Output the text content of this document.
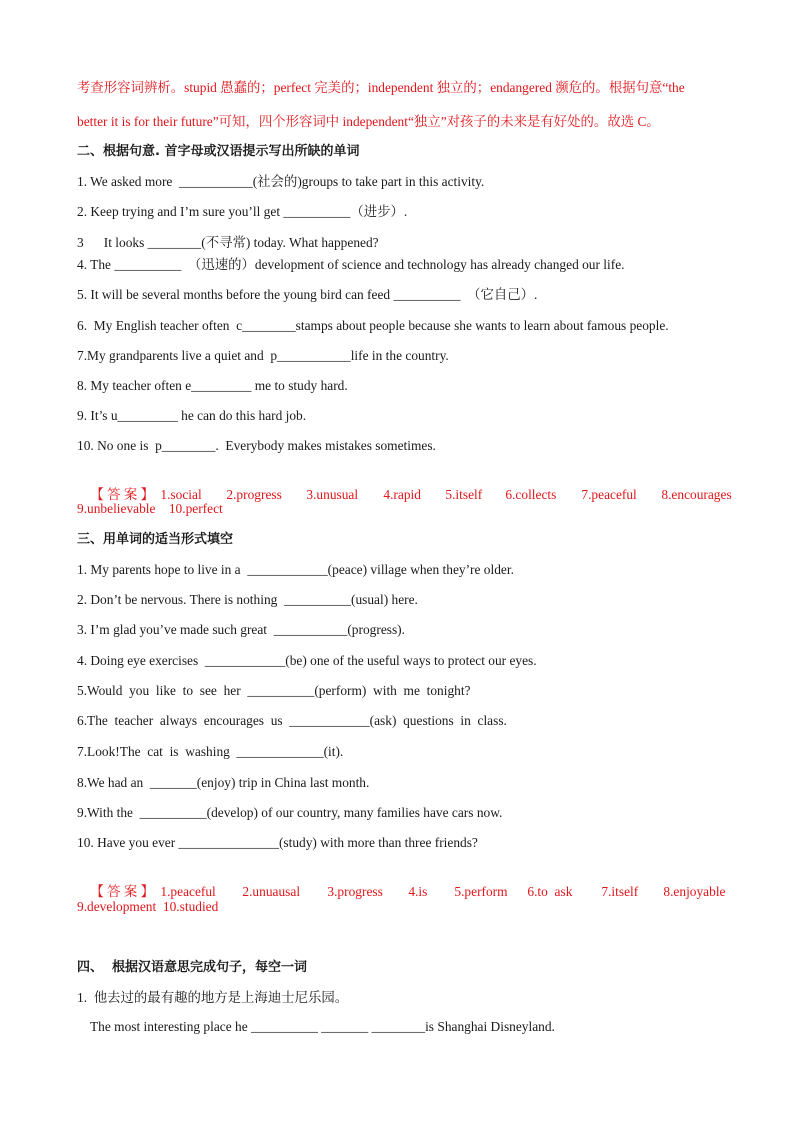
考查形容词辨析。stupid 愚蠢的；perfect 完美的；independent 独立的；endangered 濒危的。根据句意“the
better it is for their future”可知，四个形容词中 independent“独立”对孩子的未来是有好处的。故选 C。
二、根据句意. 首字母或汉语提示写出所缺的单词
1. We asked more  ___________(社会的)groups to take part in this activity.
2. Keep trying and I’m sure you’ll get __________（进步）.
3      It looks ________(不寻常) today. What happened?
4. The __________  （迅速的）development of science and technology has already changed our life.
5. It will be several months before the young bird can feed __________  （它自己）.
6.  My English teacher often  c________stamps about people because she wants to learn about famous people.
7.My grandparents live a quiet and  p___________life in the country.
8. My teacher often e_________ me to study hard.
9. It’s u_________ he can do this hard job.
10. No one is  p________.  Everybody makes mistakes sometimes.

【 答 案 】 1.social 2.progress 3.unusual 4.rapid 5.itself 6.collects 7.peaceful 8.encourages

9.unbelievable    10.perfect
三、用单词的适当形式填空
1. My parents hope to live in a  ____________(peace) village when they’re older.
2. Don’t be nervous. There is nothing  __________(usual) here.
3. I’m glad you’ve made such great  ___________(progress).
4. Doing eye exercises  ____________(be) one of the useful ways to protect our eyes.
5.Would  you  like  to  see  her  __________(perform)  with  me  tonight?
6.The  teacher  always  encourages  us  ____________(ask)  questions  in  class.
7.Look!The  cat  is  washing  _____________(it).
8.We had an  _______(enjoy) trip in China last month.
9.With the  __________(develop) of our country, many families have cars now.
10. Have you ever _______________(study) with more than three friends?

【 答 案 】 1.peaceful 2.unuausal 3.progress 4.is 5.perform 6.to  ask 7.itself 8.enjoyable

9.development  10.studied
四、  根据汉语意思完成句子，每空一词
1.  他去过的最有趣的地方是上海迪士尼乐园。
The most interesting place he __________ _______ ________is Shanghai Disneyland.
